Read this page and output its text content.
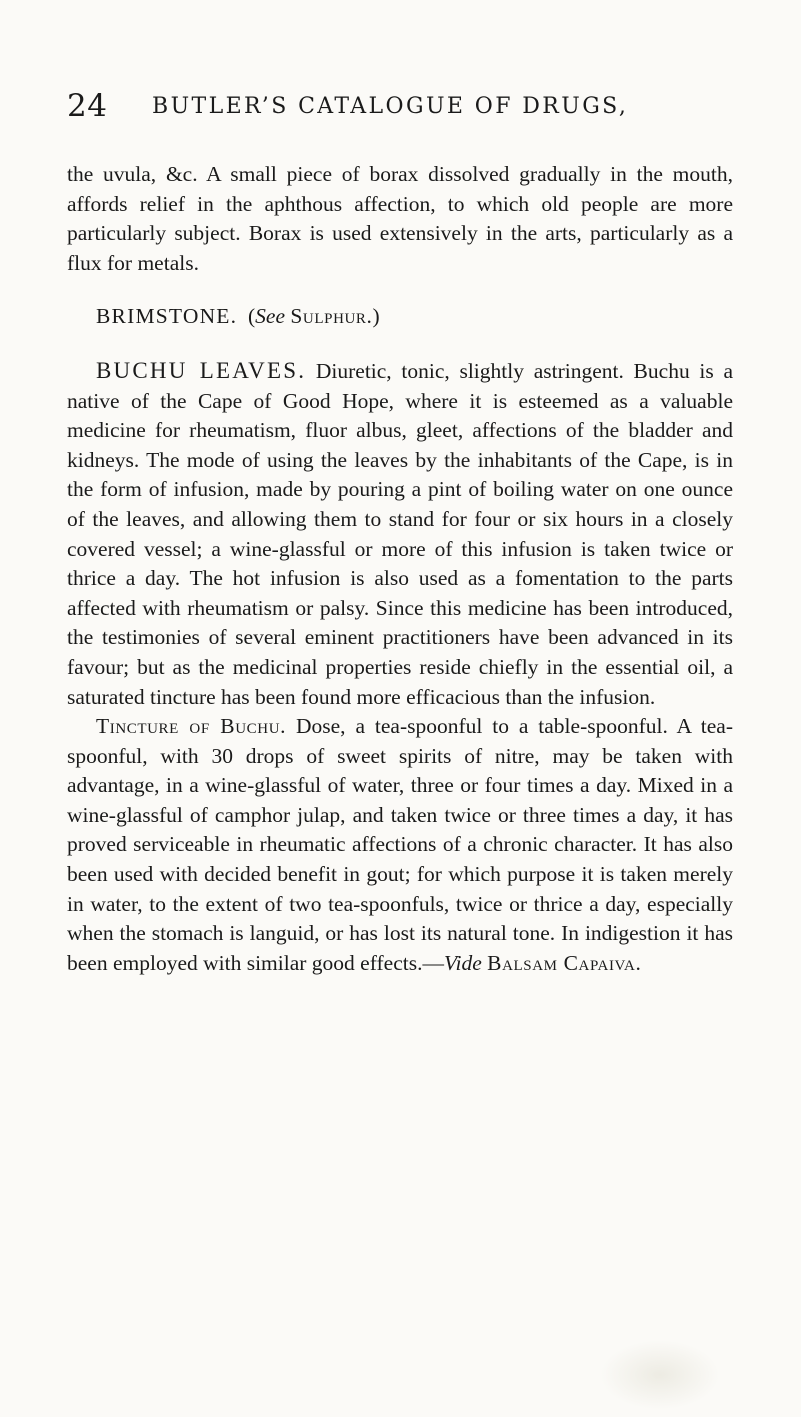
24 BUTLER’S CATALOGUE OF DRUGS,

the uvula, &c. A small piece of borax dissolved gradually in the mouth, affords relief in the aphthous affection, to which old people are more particularly subject. Borax is used extensively in the arts, particularly as a flux for metals.

BRIMSTONE. (See Sulphur.)

BUCHU LEAVES. Diuretic, tonic, slightly astringent. Buchu is a native of the Cape of Good Hope, where it is esteemed as a valuable medicine for rheumatism, fluor albus, gleet, affections of the bladder and kidneys. The mode of using the leaves by the inhabitants of the Cape, is in the form of infusion, made by pouring a pint of boiling water on one ounce of the leaves, and allowing them to stand for four or six hours in a closely covered vessel; a wine-glassful or more of this infusion is taken twice or thrice a day. The hot infusion is also used as a fomentation to the parts affected with rheumatism or palsy. Since this medicine has been introduced, the testimonies of several eminent practitioners have been advanced in its favour; but as the medicinal properties reside chiefly in the essential oil, a saturated tincture has been found more efficacious than the infusion.

Tincture of Buchu. Dose, a tea-spoonful to a table-spoonful. A tea-spoonful, with 30 drops of sweet spirits of nitre, may be taken with advantage, in a wine-glassful of water, three or four times a day. Mixed in a wine-glassful of camphor julap, and taken twice or three times a day, it has proved serviceable in rheumatic affections of a chronic character. It has also been used with decided benefit in gout; for which purpose it is taken merely in water, to the extent of two tea-spoonfuls, twice or thrice a day, especially when the stomach is languid, or has lost its natural tone. In indigestion it has been employed with similar good effects.—Vide Balsam Capaiva.
